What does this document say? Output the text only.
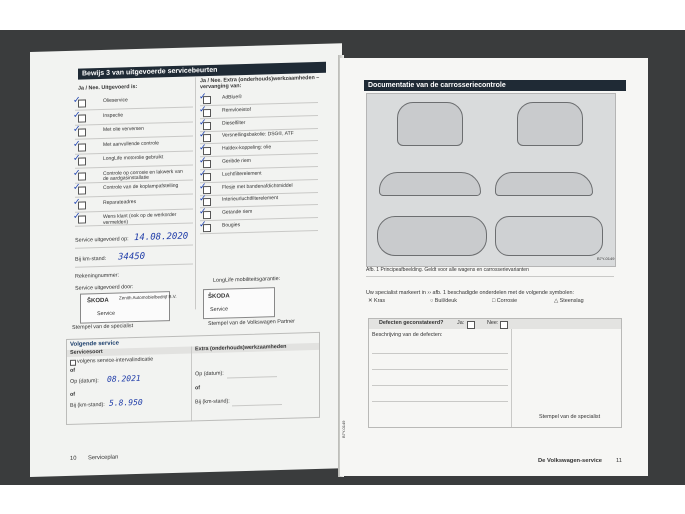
Bewijs 3 van uitgevoerde servicebeurten
Ja / Nee. Uitgevoerd is:
Ja / Nee. Extra (onderhouds)werkzaamheden – vervanging van:
✓	Olieservice
✓	Inspectie
✓	Met olie verversen
✓	Met aanvullende controle
✓	LongLife motorolie gebruikt
✓	Controle op corrosie en lakwerk van de aardgasinstallatie
✓	Controle van de koplampafstelling
✓	Reparateadres
✓	Wens klant (ook op de werkorder vermelden)
✓	AdBlue®
✓	Remvloeistof
✓	Dieselfilter
✓	Versnellingsbakolie: DSG®, ATF
✓	Haldex-koppeling: olie
✓	Geribde riem
✓	Luchtfilterelement
✓	Flesje met bandenafdichtmiddel
✓	Interieurluchtfilterelement
✓	Getande riem
✓	Bougies
Service uitgevoerd op: 14.08.2020
Bij km-stand: 34450
Rekeningnummer:
Service uitgevoerd door:
LongLife mobiliteitsgarantie:
ŠKODA
Zenith Automobielbedrijf B.V.
Service
ŠKODA
Service
Stempel van de specialist	Stempel van de Volkswagen Partner
Volgende service
Servicesoort
Extra (onderhouds)werkzaamheden
volgens service-intervalindicatie
of
Op (datum): 08.2021
of
Bij (km-stand): 5.8.950
Op (datum):
of
Bij (km-stand):
10 Serviceplan
Documentatie van de carrosseriecontrole
B7Y-0149
Afb. 1 Principeafbeelding. Geldt voor alle wagens en carrosserievarianten
Uw specialist markeert in ›› afb. 1 beschadigde onderdelen met de volgende symbolen:
✕ Kras	○ Buil/deuk	□ Corrosie	△ Steenslag
Defecten geconstateerd?	Ja:	Nee:
Beschrijving van de defecten:
Stempel van de specialist
B7Y-0149
De Volkswagen-service 11
